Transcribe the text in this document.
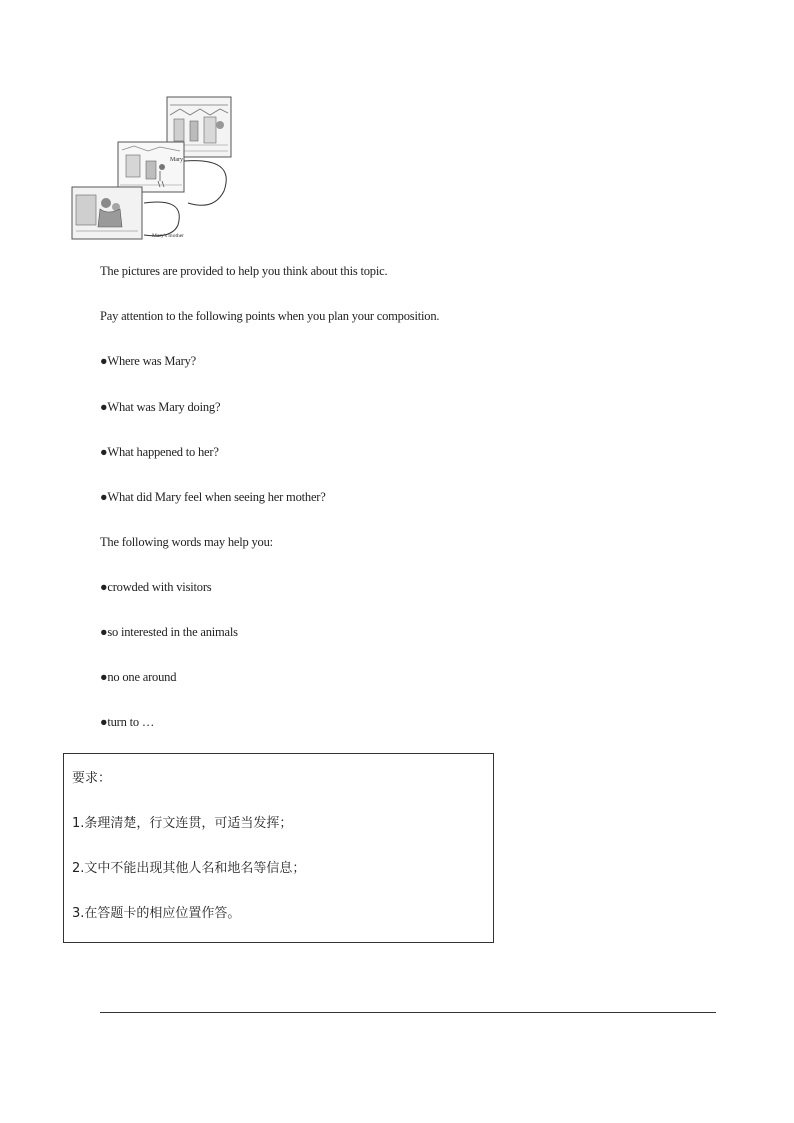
Mary
Mary's mother
The pictures are provided to help you think about this topic.
Pay attention to the following points when you plan your composition.
●Where was Mary?
●What was Mary doing?
●What happened to her?
●What did Mary feel when seeing her mother?
The following words may help you:
●crowded with visitors
●so interested in the animals
●no one around
●turn to …
要求：
1.条理清楚，行文连贯，可适当发挥；
2.文中不能出现其他人名和地名等信息；
3.在答题卡的相应位置作答。
